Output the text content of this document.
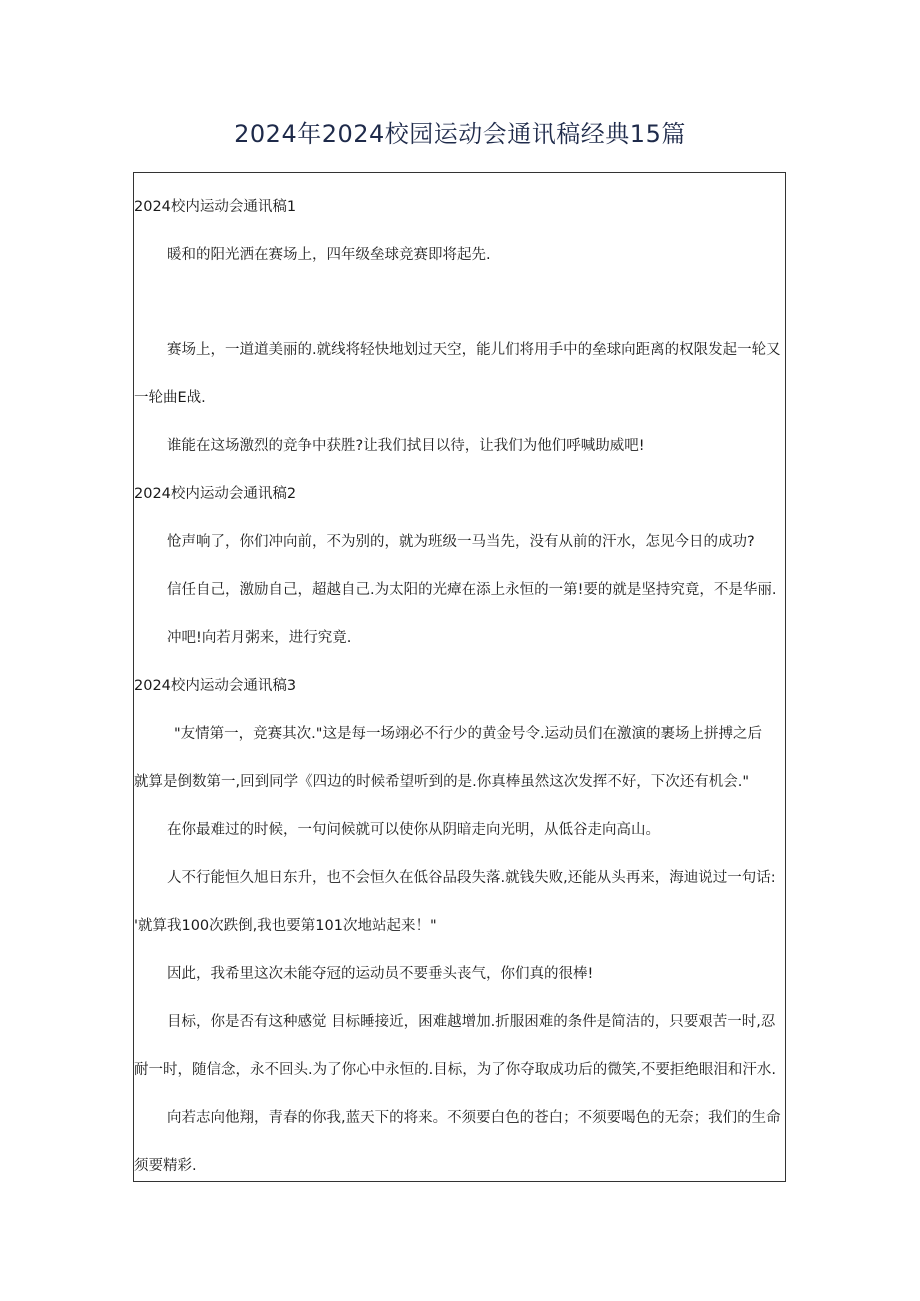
2024年2024校园运动会通讯稿经典15篇
2024校内运动会通讯稿1
暖和的阳光洒在赛场上，四年级垒球竞赛即将起先.
赛场上，一道道美丽的.就线将轻快地划过天空，能儿们将用手中的垒球向距离的权限发起一轮又
一轮曲E战.
谁能在这场激烈的竞争中获胜?让我们拭目以待，让我们为他们呼喊助威吧!
2024校内运动会通讯稿2
怆声响了，你们冲向前，不为别的，就为班级一马当先，没有从前的汗水，怎见今日的成功?
信任自己，激励自己，超越自己.为太阳的光瘴在添上永恒的一第!要的就是坚持究竟，不是华丽.
冲吧!向若月粥来，进行究竟.
2024校内运动会通讯稿3
"友情第一，竞赛其次."这是每一场翊必不行少的黄金号令.运动员们在激演的裹场上拼搏之后
就算是倒数第一,回到同学《四边的时候希望听到的是.你真棒虽然这次发挥不好，下次还有机会."
在你最难过的时候，一句问候就可以使你从阴暗走向光明，从低谷走向高山。
人不行能恒久旭日东升，也不会恒久在低谷品段失落.就钱失败,还能从头再来，海迪说过一句话:
'就算我100次跌倒,我也要第101次地站起来！"
因此，我希里这次未能夺冠的运动员不要垂头丧气，你们真的很棒!
目标，你是否有这种感觉 目标睡接近，困难越增加.折服困难的条件是简洁的，只要艰苦一时,忍
耐一时，随信念，永不回头.为了你心中永恒的.目标，为了你夺取成功后的微笑,不要拒绝眼泪和汗水.
向若志向他翔，青春的你我,蓝天下的将来。不须要白色的苍白；不须要喝色的无奈；我们的生命
须要精彩.
